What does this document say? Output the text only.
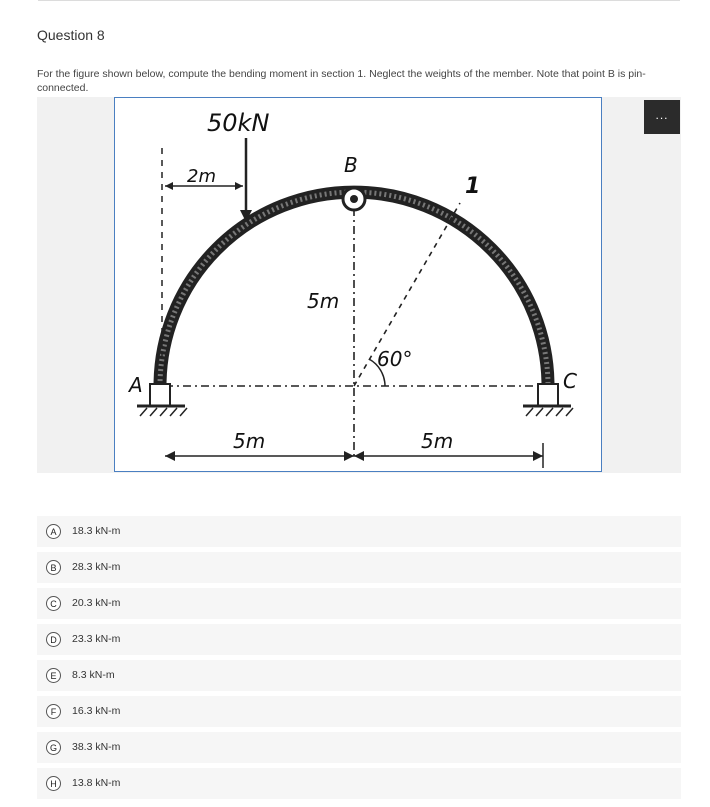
Question 8
For the figure shown below, compute the bending moment in section 1. Neglect the weights of the member. Note that point B is pin-connected.
50kN
2m	B
1
5m
60°
A	C
5m	5m
...
A	18.3 kN-m
B	28.3 kN-m
C	20.3 kN-m
D	23.3 kN-m
E	8.3 kN-m
F	16.3 kN-m
G	38.3 kN-m
H	13.8 kN-m
